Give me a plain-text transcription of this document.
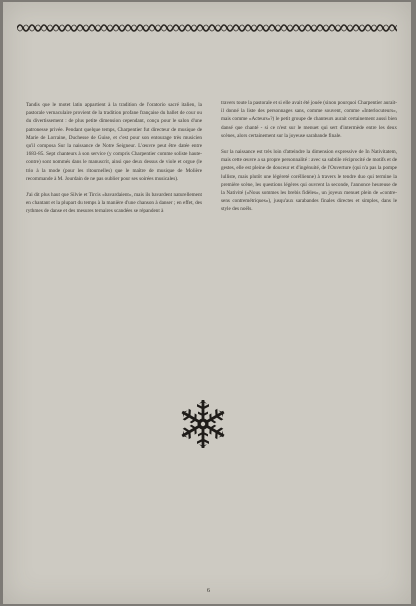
Tandis que le motet latin appartient à la tradition de l'oratorio sacré italien, la pastorale vernaculaire provient de la tradition profane française du ballet de cour ou du divertissement : de plus petite dimension cependant, conçu pour le salon d'une patronesse privée. Pendant quelque temps, Charpentier fut directeur de musique de Marie de Lorraine, Duchesse de Guise, et c'est pour son entourage très musicien qu'il composa Sur la naissance de Notre Seigneur. L'œuvre peut être datée entre 1683-85. Sept chanteurs à son service (y compris Charpentier comme soliste haute-contre) sont nommés dans le manuscrit, ainsi que deux dessus de viole et orgue (le trio à la mode (pour les ritournelles) que le maître de musique de Molière recommande à M. Jourdain de ne pas oublier pour ses soirées musicales).

J'ai dit plus haut que Silvie et Tircis «bavardaient», mais ils bavardent naturellement en chantant et la plupart du temps à la manière d'une chanson à danser ; en effet, des rythmes de danse et des mesures ternaires scandées se répandent à

travers toute la pastorale et si elle avait été jouée (sinon pourquoi Charpentier aurait-il donné la liste des personnages sans, comme souvent, comme «Interlocuteurs», mais comme «Acteurs»?) le petit groupe de chanteurs aurait certainement aussi bien dansé que chanté - si ce n'est sur le menuet qui sert d'intermède entre les deux scènes, alors certainement sur la joyeuse sarabande finale.

Sur la naissance est très loin d'atteindre la dimension expressive de In Nativitatem, mais cette œuvre a sa propre personnalité : avec sa subtile réciprocité de motifs et de gestes, elle est pleine de douceur et d'ingénuité, de l'Ouverture (qui n'a pas la pompe lulliste, mais plutôt une légèreté coréllienne) à travers le tendre duo qui termine la première scène, les questions légères qui ouvrent la seconde, l'annonce heureuse de la Nativité («Nous sommes les brebis fidèles», un joyeux menuet plein de «contre-sens contremétriques»), jusqu'aux sarabandes finales directes et simples, dans le style des noëls.

6
